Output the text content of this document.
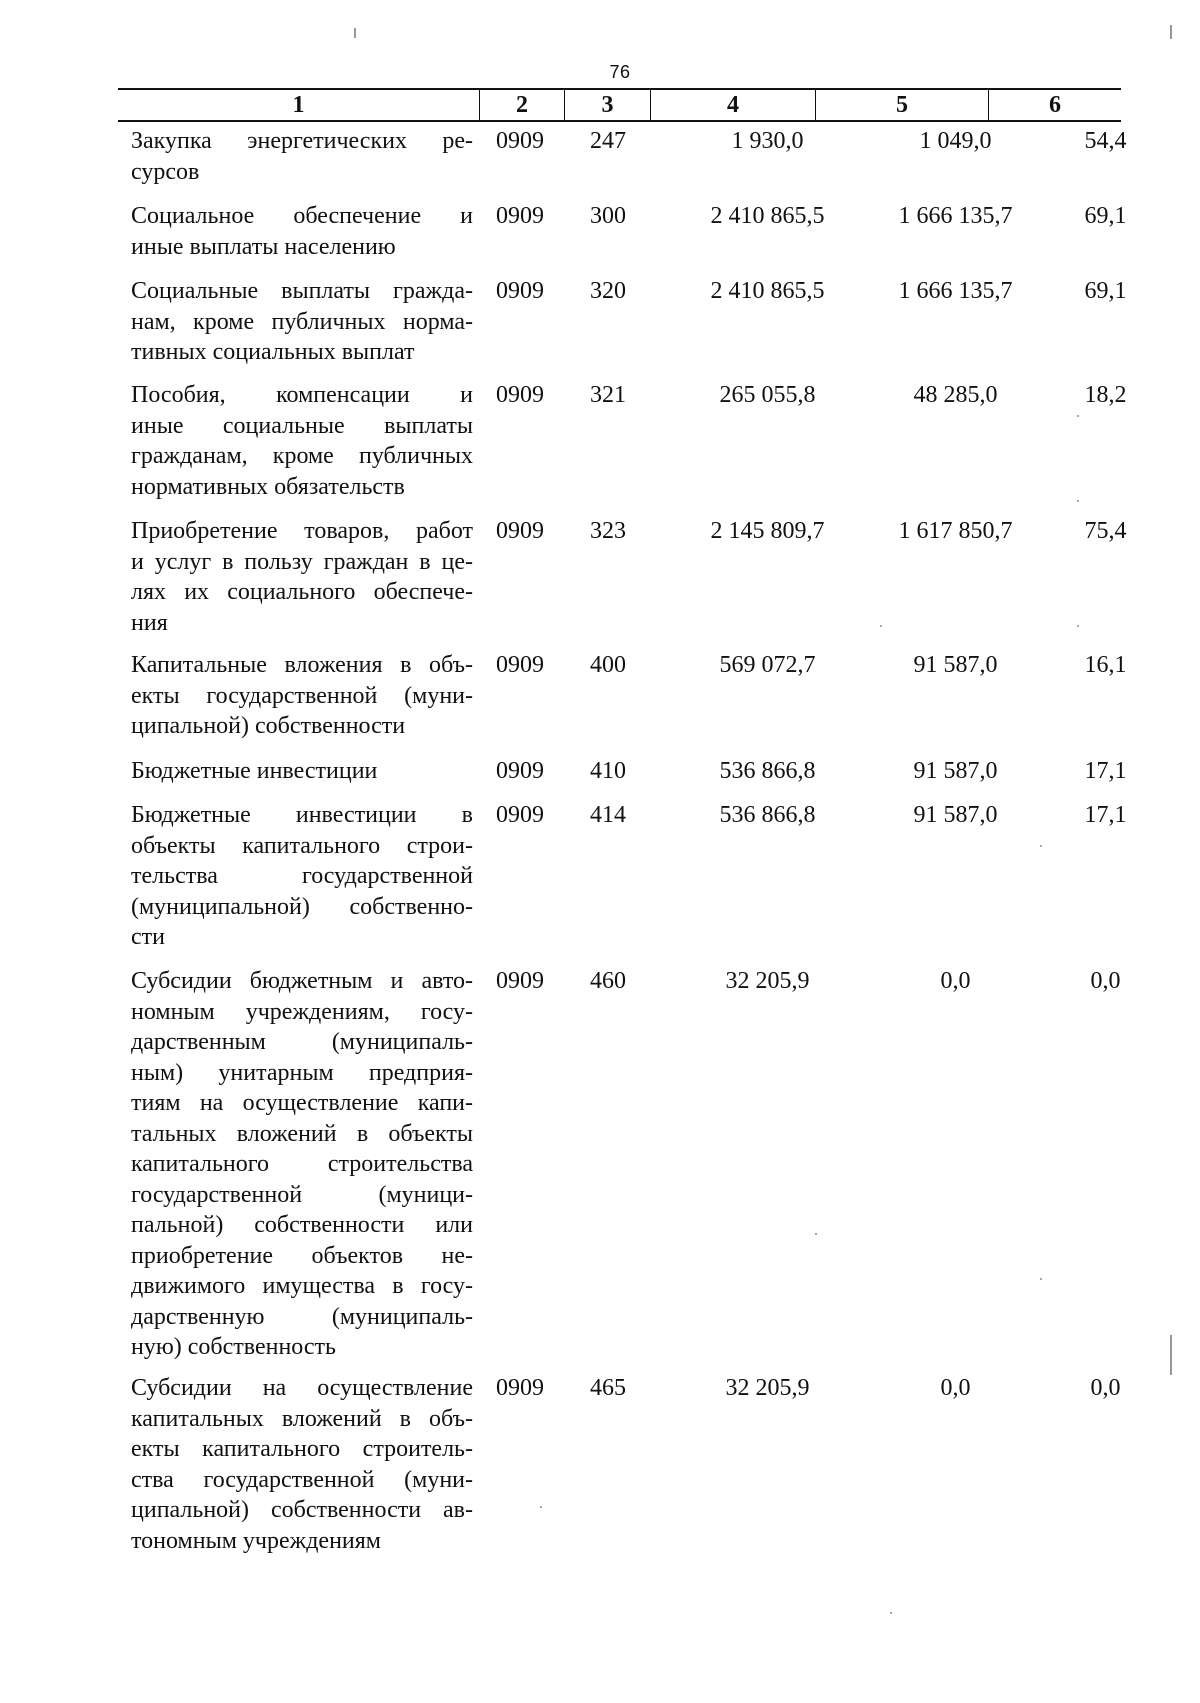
76
1	2	3	4	5	6
Закупка энергетических ре-
сурсов
0909	247	1 930,0	1 049,0	54,4
Социальное обеспечение и
иные выплаты населению
0909	300	2 410 865,5	1 666 135,7	69,1
Социальные выплаты гражда-
нам, кроме публичных норма-
тивных социальных выплат
0909	320	2 410 865,5	1 666 135,7	69,1
Пособия, компенсации и
иные социальные выплаты
гражданам, кроме публичных
нормативных обязательств
0909	321	265 055,8	48 285,0	18,2
Приобретение товаров, работ
и услуг в пользу граждан в це-
лях их социального обеспече-
ния
0909	323	2 145 809,7	1 617 850,7	75,4
Капитальные вложения в объ-
екты государственной (муни-
ципальной) собственности
0909	400	569 072,7	91 587,0	16,1
Бюджетные инвестиции	0909	410	536 866,8	91 587,0	17,1
Бюджетные инвестиции в
объекты капитального строи-
тельства государственной
(муниципальной) собственно-
сти
0909	414	536 866,8	91 587,0	17,1
Субсидии бюджетным и авто-
номным учреждениям, госу-
дарственным (муниципаль-
ным) унитарным предприя-
тиям на осуществление капи-
тальных вложений в объекты
капитального строительства
государственной (муници-
пальной) собственности или
приобретение объектов не-
движимого имущества в госу-
дарственную (муниципаль-
ную) собственность
0909	460	32 205,9	0,0	0,0
Субсидии на осуществление
капитальных вложений в объ-
екты капитального строитель-
ства государственной (муни-
ципальной) собственности ав-
тономным учреждениям
0909	465	32 205,9	0,0	0,0
